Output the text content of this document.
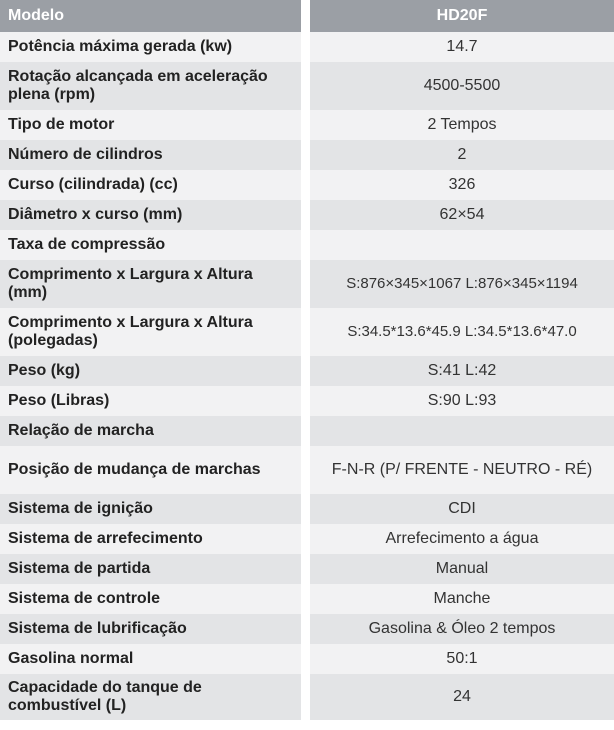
Modelo		HD20F
Potência máxima gerada (kw)		14.7
Rotação alcançada em aceleração plena (rpm)		4500-5500
Tipo de motor		2 Tempos
Número de cilindros		2
Curso (cilindrada) (cc)		326
Diâmetro x curso (mm)		62×54
Taxa de compressão		
Comprimento x Largura x Altura (mm)		S:876×345×1067 L:876×345×1194
Comprimento x Largura x Altura (polegadas)		S:34.5*13.6*45.9 L:34.5*13.6*47.0
Peso (kg)		S:41 L:42
Peso (Libras)		S:90 L:93
Relação de marcha		
Posição de mudança de marchas		F-N-R (P/ FRENTE - NEUTRO - RÉ)
Sistema de ignição		CDI
Sistema de arrefecimento		Arrefecimento a água
Sistema de partida		Manual
Sistema de controle		Manche
Sistema de lubrificação		Gasolina & Óleo 2 tempos
Gasolina normal		50:1
Capacidade do tanque de combustível (L)		24
